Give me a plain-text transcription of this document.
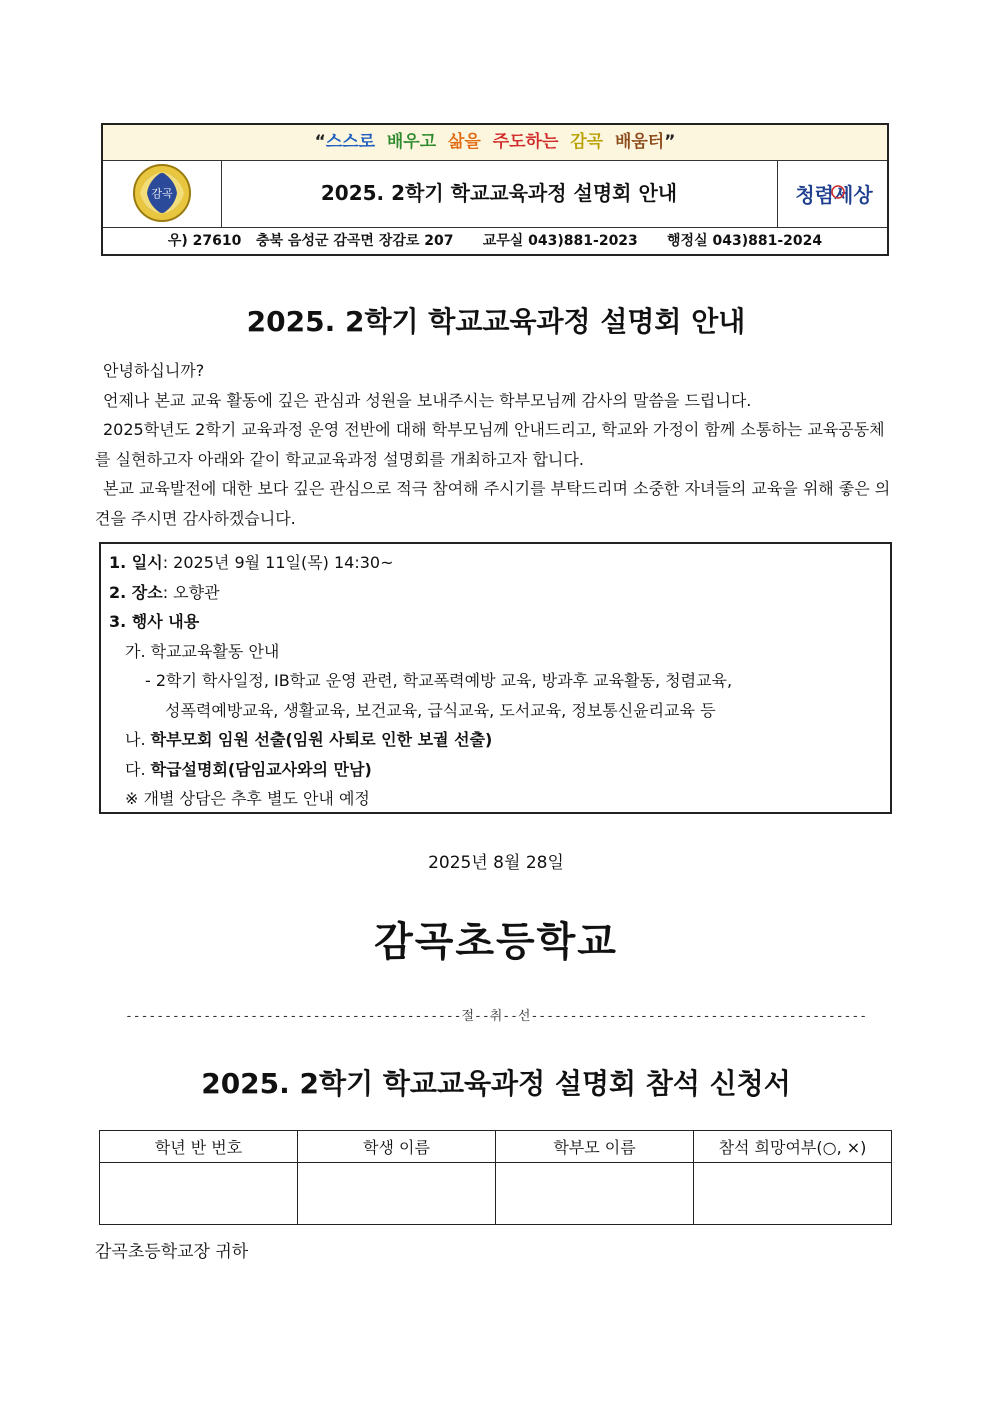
“스스로 배우고 삶을 주도하는 감곡 배움터”
감곡	2025. 2학기 학교교육과정 설명회 안내	청렴세상
우) 27610   충북 음성군 감곡면 장감로 207      교무실 043)881-2023      행정실 043)881-2024
2025. 2학기 학교교육과정 설명회 안내

안녕하십니까?

언제나 본교 교육 활동에 깊은 관심과 성원을 보내주시는 학부모님께 감사의 말씀을 드립니다.

2025학년도 2학기 교육과정 운영 전반에 대해 학부모님께 안내드리고, 학교와 가정이 함께 소통하는 교육공동체를 실현하고자 아래와 같이 학교교육과정 설명회를 개최하고자 합니다.

본교 교육발전에 대한 보다 깊은 관심으로 적극 참여해 주시기를 부탁드리며 소중한 자녀들의 교육을 위해 좋은 의견을 주시면 감사하겠습니다.

1. 일시: 2025년 9월 11일(목) 14:30~
2. 장소: 오향관
3. 행사 내용
가. 학교교육활동 안내
- 2학기 학사일정, IB학교 운영 관련, 학교폭력예방 교육, 방과후 교육활동, 청렴교육,
성폭력예방교육, 생활교육, 보건교육, 급식교육, 도서교육, 정보통신윤리교육 등
나. 학부모회 임원 선출(임원 사퇴로 인한 보궐 선출)
다. 학급설명회(담임교사와의 만남)
※ 개별 상담은 추후 별도 안내 예정
2025년 8월 28일
감곡초등학교
-------------------------------------------절--취--선-------------------------------------------
2025. 2학기 학교교육과정 설명회 참석 신청서
학년 반 번호	학생 이름	학부모 이름	참석 희망여부(○, ×)

감곡초등학교장 귀하
